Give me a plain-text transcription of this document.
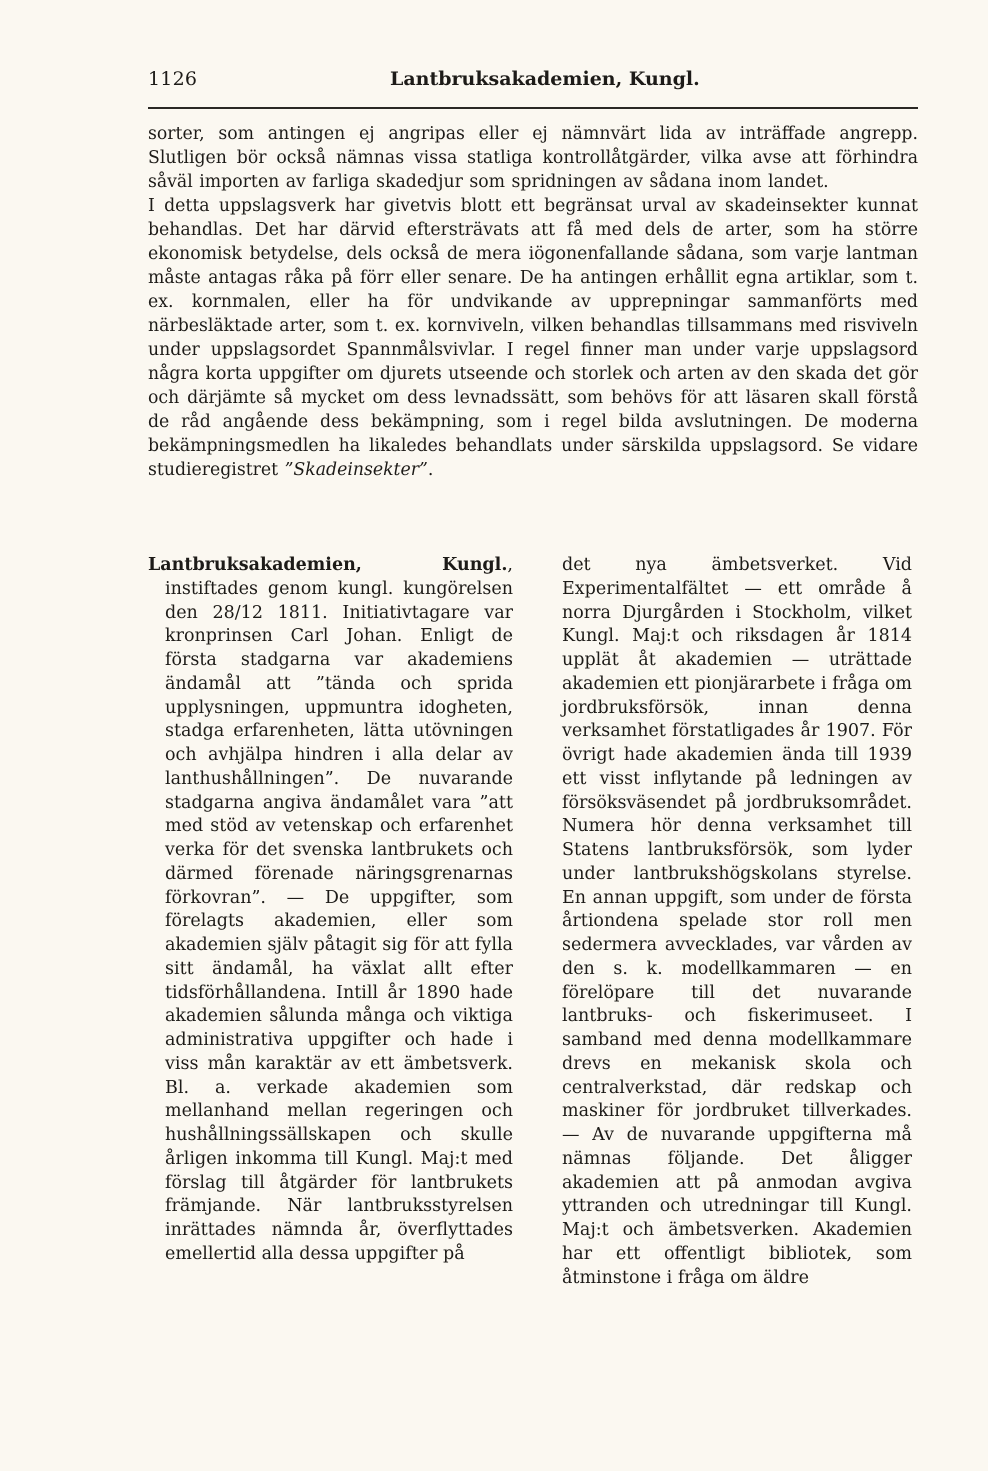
1126	Lantbruksakademien, Kungl.

sorter, som antingen ej angripas eller ej nämnvärt lida av inträffade angrepp. Slutligen bör också nämnas vissa statliga kontrollåtgärder, vilka avse att förhindra såväl importen av farliga skadedjur som spridningen av sådana inom landet.

I detta uppslagsverk har givetvis blott ett begränsat urval av skadeinsekter kunnat behandlas. Det har därvid eftersträvats att få med dels de arter, som ha större ekonomisk betydelse, dels också de mera iögonenfallande sådana, som varje lantman måste antagas råka på förr eller senare. De ha antingen erhållit egna artiklar, som t. ex. kornmalen, eller ha för undvikande av upprepningar sammanförts med närbesläktade arter, som t. ex. kornviveln, vilken behandlas tillsammans med risviveln under uppslagsordet Spannmålsvivlar. I regel finner man under varje uppslagsord några korta uppgifter om djurets utseende och storlek och arten av den skada det gör och därjämte så mycket om dess levnadssätt, som behövs för att läsaren skall förstå de råd angående dess bekämpning, som i regel bilda avslutningen. De moderna bekämpningsmedlen ha likaledes behandlats under särskilda uppslagsord. Se vidare studieregistret ”Skadeinsekter”.

Lantbruksakademien, Kungl., instiftades genom kungl. kungörelsen den 28/12 1811. Initiativtagare var kronprinsen Carl Johan. Enligt de första stadgarna var akademiens ändamål att ”tända och sprida upplysningen, uppmuntra idogheten, stadga erfarenheten, lätta utövningen och avhjälpa hindren i alla delar av lanthushållningen”. De nuvarande stadgarna angiva ändamålet vara ”att med stöd av vetenskap och erfarenhet verka för det svenska lantbrukets och därmed förenade näringsgrenarnas förkovran”. — De uppgifter, som förelagts akademien, eller som akademien själv påtagit sig för att fylla sitt ändamål, ha växlat allt efter tidsförhållandena. Intill år 1890 hade akademien sålunda många och viktiga administrativa uppgifter och hade i viss mån karaktär av ett ämbetsverk. Bl. a. verkade akademien som mellanhand mellan regeringen och hushållningssällskapen och skulle årligen inkomma till Kungl. Maj:t med förslag till åtgärder för lantbrukets främjande. När lantbruksstyrelsen inrättades nämnda år, överflyttades emellertid alla dessa uppgifter på

det nya ämbetsverket. Vid Experimentalfältet — ett område å norra Djurgården i Stockholm, vilket Kungl. Maj:t och riksdagen år 1814 upplät åt akademien — uträttade akademien ett pionjärarbete i fråga om jordbruksförsök, innan denna verksamhet förstatligades år 1907. För övrigt hade akademien ända till 1939 ett visst inflytande på ledningen av försöksväsendet på jordbruksområdet. Numera hör denna verksamhet till Statens lantbruksförsök, som lyder under lantbrukshögskolans styrelse. En annan uppgift, som under de första årtiondena spelade stor roll men sedermera avvecklades, var vården av den s. k. modellkammaren — en förelöpare till det nuvarande lantbruks- och fiskerimuseet. I samband med denna modellkammare drevs en mekanisk skola och centralverkstad, där redskap och maskiner för jordbruket tillverkades. — Av de nuvarande uppgifterna må nämnas följande. Det åligger akademien att på anmodan avgiva yttranden och utredningar till Kungl. Maj:t och ämbetsverken. Akademien har ett offentligt bibliotek, som åtminstone i fråga om äldre
